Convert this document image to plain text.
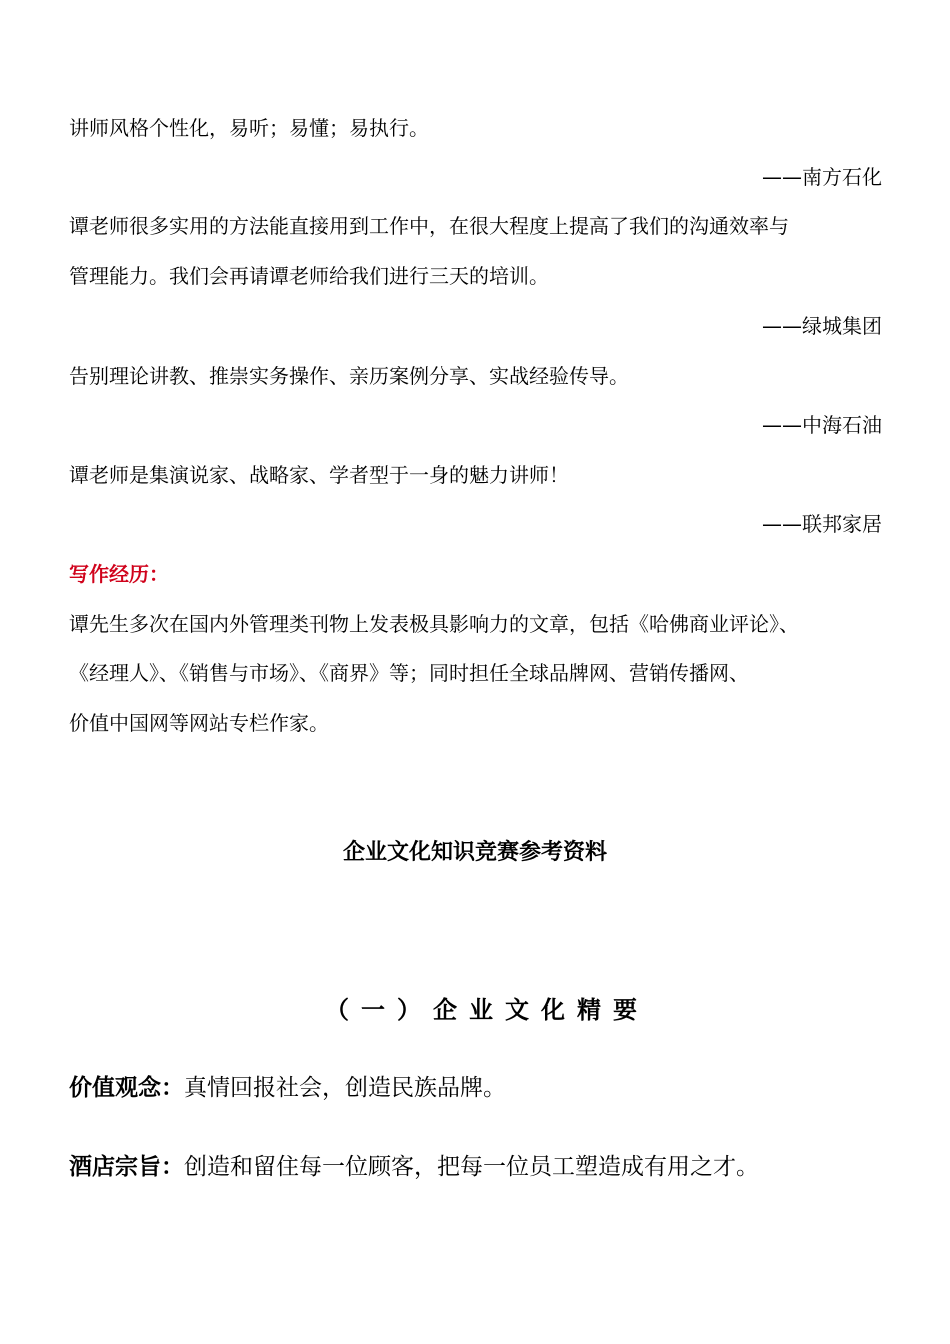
讲师风格个性化，易听；易懂；易执行。
——南方石化
谭老师很多实用的方法能直接用到工作中，在很大程度上提高了我们的沟通效率与
管理能力。我们会再请谭老师给我们进行三天的培训。
——绿城集团
告别理论讲教、推崇实务操作、亲历案例分享、实战经验传导。
——中海石油
谭老师是集演说家、战略家、学者型于一身的魅力讲师！
——联邦家居
写作经历：
谭先生多次在国内外管理类刊物上发表极具影响力的文章，包括《哈佛商业评论》、
《经理人》、《销售与市场》、《商界》等；同时担任全球品牌网、营销传播网、
价值中国网等网站专栏作家。
企业文化知识竞赛参考资料
（一）企业文化精要
价值观念：真情回报社会，创造民族品牌。
酒店宗旨：创造和留住每一位顾客，把每一位员工塑造成有用之才。
